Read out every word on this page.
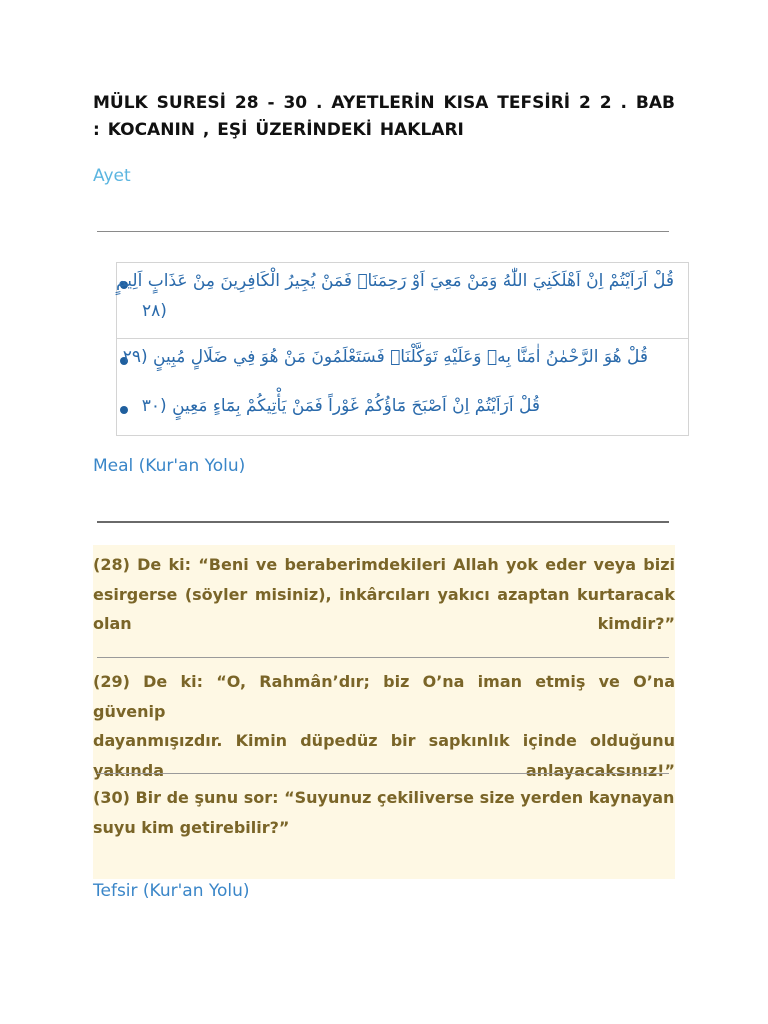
MÜLK SURESİ 28 - 30 . AYETLERİN KISA TEFSİRİ 2 2 . BAB : KOCANIN , EŞİ ÜZERİNDEKİ HAKLARI
Ayet
قُلْ اَرَاَيْتُمْ اِنْ اَهْلَكَنِيَ اللّٰهُ وَمَنْ مَعِيَ اَوْ رَحِمَنَاۙ فَمَنْ يُجِيرُ الْكَافِرِينَ مِنْ عَذَابٍ اَلِيمٍ
(٢٨
قُلْ هُوَ الرَّحْمٰنُ اٰمَنَّا بِهٖ وَعَلَيْهِ تَوَكَّلْنَاۚ فَسَتَعْلَمُونَ مَنْ هُوَ فِي ضَلَالٍ مُبِينٍ (٢٩
قُلْ اَرَاَيْتُمْ اِنْ اَصْبَحَ مَٓاؤُكُمْ غَوْراً فَمَنْ يَأْتِيكُمْ بِمَٓاءٍ مَعِينٍ (٣٠
Meal (Kur'an Yolu)
(28) De ki: “Beni ve beraberimdekileri Allah yok eder veya bizi
esirgerse (söyler misiniz), inkârcıları yakıcı azaptan kurtaracak
olan kimdir?”
(29) De ki: “O, Rahmân’dır; biz O’na iman etmiş ve O’na güvenip
dayanmışızdır. Kimin düpedüz bir sapkınlık içinde olduğunu
yakında anlayacaksınız!”
(30) Bir de şunu sor: “Suyunuz çekiliverse size yerden kaynayan
suyu kim getirebilir?”
Tefsir (Kur'an Yolu)
